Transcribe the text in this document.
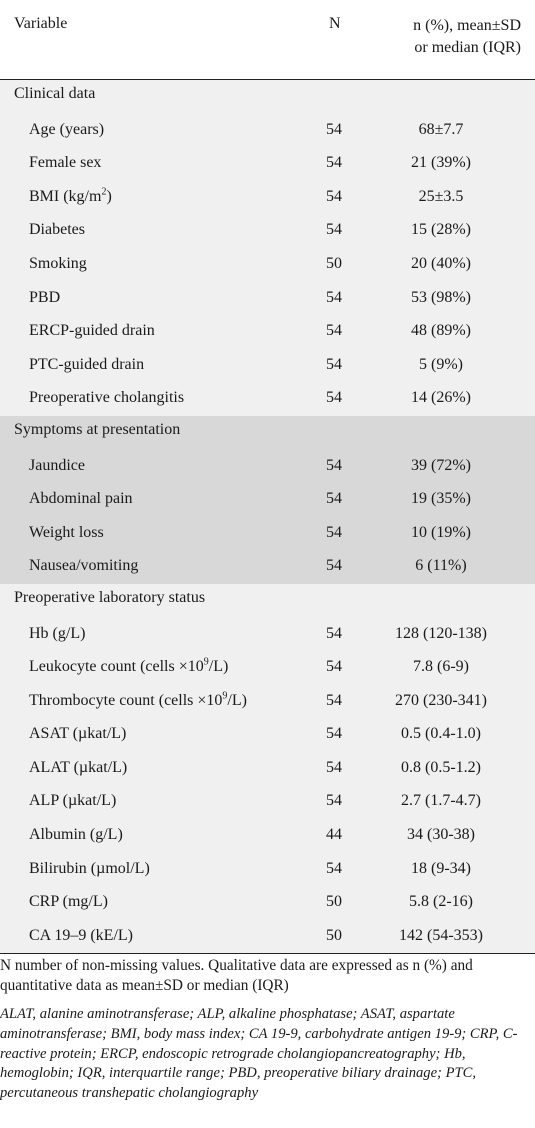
Variable	N	n (%), mean±SD
or median (IQR)
Clinical data
Age (years)	54	68±7.7
Female sex	54	21 (39%)
BMI $(kg/m^2)$	54	25±3.5
Diabetes	54	15 (28%)
Smoking	50	20 (40%)
PBD	54	53 (98%)
ERCP-guided drain	54	48 (89%)
PTC-guided drain	54	5 (9%)
Preoperative cholangitis	54	14 (26%)
Symptoms at presentation
Jaundice	54	39 (72%)
Abdominal pain	54	19 (35%)
Weight loss	54	10 (19%)
Nausea/vomiting	54	6 (11%)
Preoperative laboratory status
Hb (g/L)	54	128 (120-138)
Leukocyte count (cells $\times 10^9/L$)	54	7.8 (6-9)
Thrombocyte count (cells $\times 10^9/L$)	54	270 (230-341)
ASAT (µkat/L)	54	0.5 (0.4-1.0)
ALAT (µkat/L)	54	0.8 (0.5-1.2)
ALP (µkat/L)	54	2.7 (1.7-4.7)
Albumin (g/L)	44	34 (30-38)
Bilirubin (µmol/L)	54	18 (9-34)
CRP (mg/L)	50	5.8 (2-16)
CA 19–9 (kE/L)	50	142 (54-353)
N number of non-missing values. Qualitative data are expressed as n (%) and quantitative data as mean±SD or median (IQR)
ALAT, alanine aminotransferase; ALP, alkaline phosphatase; ASAT, aspartate aminotransferase; BMI, body mass index; CA 19-9, carbohydrate antigen 19-9; CRP, C-reactive protein; ERCP, endoscopic retrograde cholangiopancreatography; Hb, hemoglobin; IQR, interquartile range; PBD, preoperative biliary drainage; PTC, percutaneous transhepatic cholangiography
